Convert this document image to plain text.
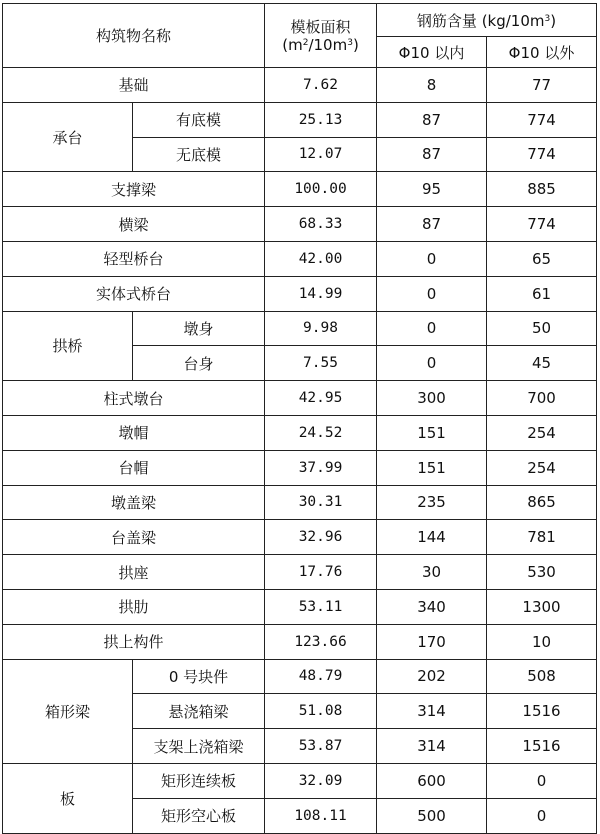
构筑物名称		模板面积
$(m^2/10m^3)$	钢筋含量 $(kg/10m^3)$	
			Φ10 以内	Φ10 以外
基础		7.62	8	77
承台	有底模	25.13	87	774
	无底模	12.07	87	774
支撑梁		100.00	95	885
横梁		68.33	87	774
轻型桥台		42.00	0	65
实体式桥台		14.99	0	61
拱桥	墩身	9.98	0	50
	台身	7.55	0	45
柱式墩台		42.95	300	700
墩帽		24.52	151	254
台帽		37.99	151	254
墩盖梁		30.31	235	865
台盖梁		32.96	144	781
拱座		17.76	30	530
拱肋		53.11	340	1300
拱上构件		123.66	170	10
箱形梁	0 号块件	48.79	202	508
	悬浇箱梁	51.08	314	1516
	支架上浇箱梁	53.87	314	1516
板	矩形连续板	32.09	600	0
	矩形空心板	108.11	500	0
